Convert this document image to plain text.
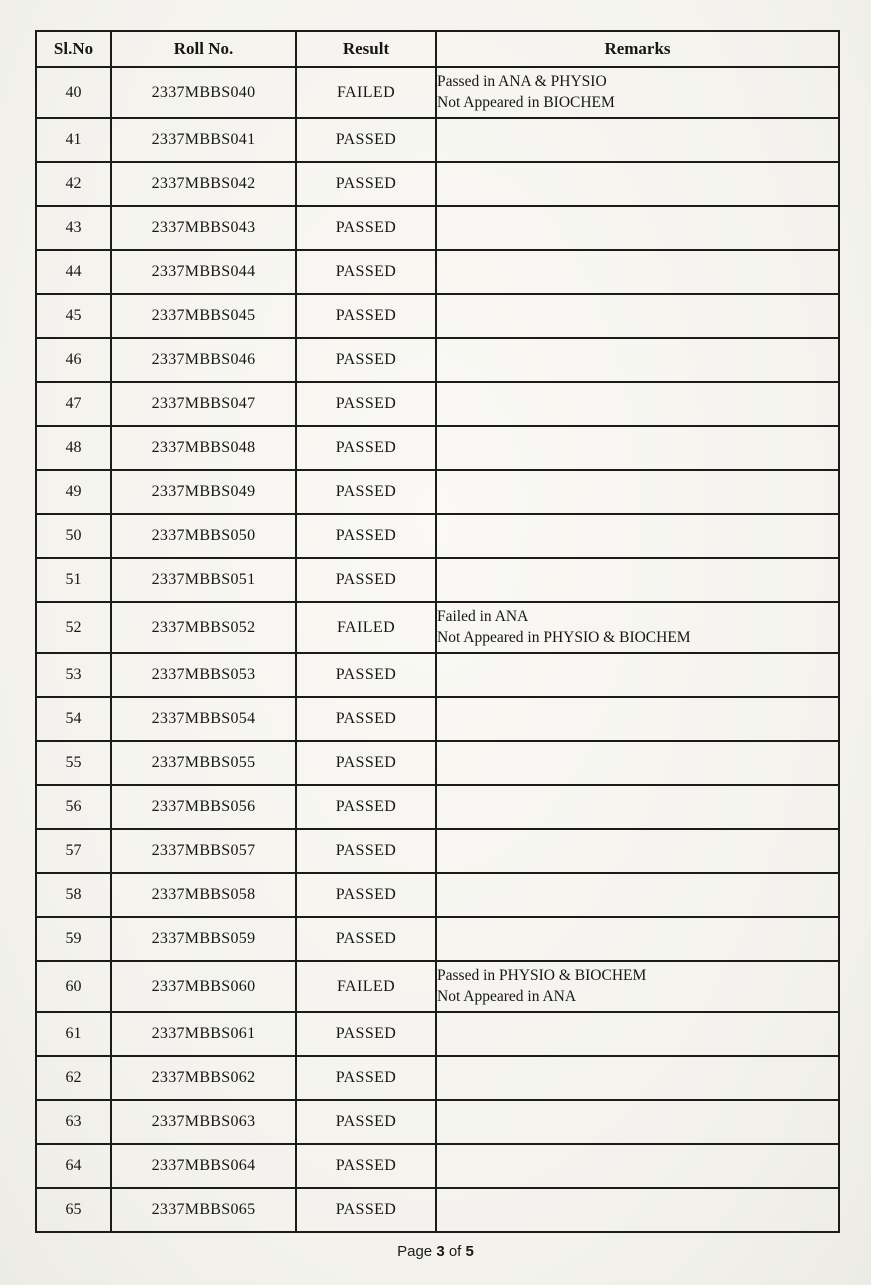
Sl.No	Roll No.	Result	Remarks
40	2337MBBS040	FAILED	Passed in ANA & PHYSIO
Not Appeared in BIOCHEM

41	2337MBBS041	PASSED	
42	2337MBBS042	PASSED	
43	2337MBBS043	PASSED	
44	2337MBBS044	PASSED	
45	2337MBBS045	PASSED	
46	2337MBBS046	PASSED	
47	2337MBBS047	PASSED	
48	2337MBBS048	PASSED	
49	2337MBBS049	PASSED	
50	2337MBBS050	PASSED	
51	2337MBBS051	PASSED	
52	2337MBBS052	FAILED	Failed in ANA
Not Appeared in PHYSIO & BIOCHEM

53	2337MBBS053	PASSED	
54	2337MBBS054	PASSED	
55	2337MBBS055	PASSED	
56	2337MBBS056	PASSED	
57	2337MBBS057	PASSED	
58	2337MBBS058	PASSED	
59	2337MBBS059	PASSED	
60	2337MBBS060	FAILED	Passed in PHYSIO & BIOCHEM
Not Appeared in ANA

61	2337MBBS061	PASSED	
62	2337MBBS062	PASSED	
63	2337MBBS063	PASSED	
64	2337MBBS064	PASSED	
65	2337MBBS065	PASSED	
Page 3 of 5
